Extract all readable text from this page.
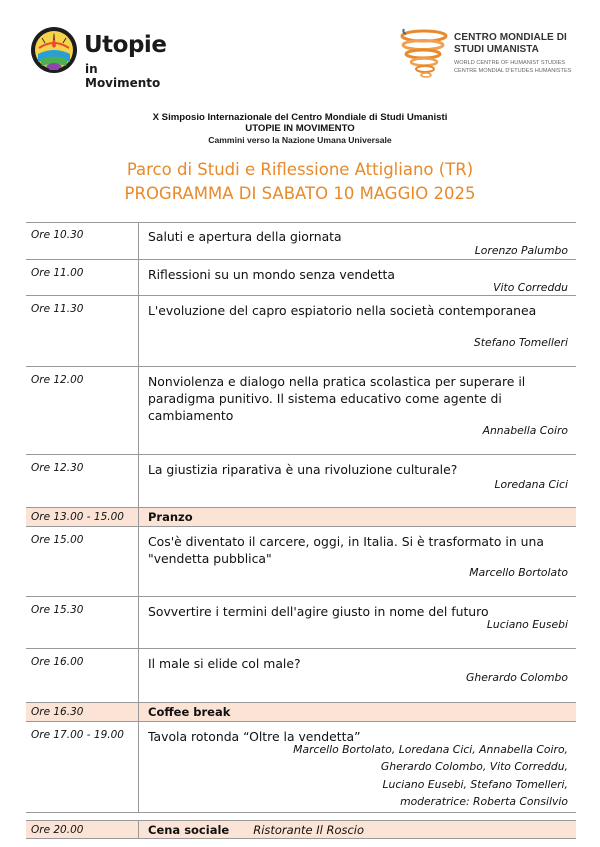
Utopie
in Movimento
CENTRO MONDIALE DI
STUDI UMANISTA
WORLD CENTRE OF HUMANIST STUDIES
CENTRE MONDIAL D'ETUDES HUMANISTES
X Simposio Internazionale del Centro Mondiale di Studi Umanisti
UTOPIE IN MOVIMENTO
Cammini verso la Nazione Umana Universale
Parco di Studi e Riflessione Attigliano (TR)
PROGRAMMA DI SABATO 10 MAGGIO 2025
Ore 10.30	Saluti e apertura della giornata
Lorenzo Palumbo
Ore 11.00	Riflessioni su un mondo senza vendetta
Vito Correddu
Ore 11.30	L'evoluzione del capro espiatorio nella società contemporanea
Stefano Tomelleri
Ore 12.00	Nonviolenza e dialogo nella pratica scolastica per superare il paradigma punitivo. Il sistema educativo come agente di cambiamento
Annabella Coiro
Ore 12.30	La giustizia riparativa è una rivoluzione culturale?
Loredana Cici
Ore 13.00 - 15.00 Pranzo
Ore 15.00	Cos'è diventato il carcere, oggi, in Italia. Si è trasformato in una "vendetta pubblica"
Marcello Bortolato
Ore 15.30	Sovvertire i termini dell'agire giusto in nome del futuro
Luciano Eusebi
Ore 16.00	Il male si elide col male?
Gherardo Colombo
Ore 16.30	Coffee break
Ore 17.00 - 19.00 Tavola rotonda “Oltre la vendetta”
Marcello Bortolato, Loredana Cici, Annabella Coiro,
Gherardo Colombo, Vito Correddu,
Luciano Eusebi, Stefano Tomelleri,
moderatrice: Roberta Consilvio
Ore 20.00	Cena sociale Ristorante Il Roscio
